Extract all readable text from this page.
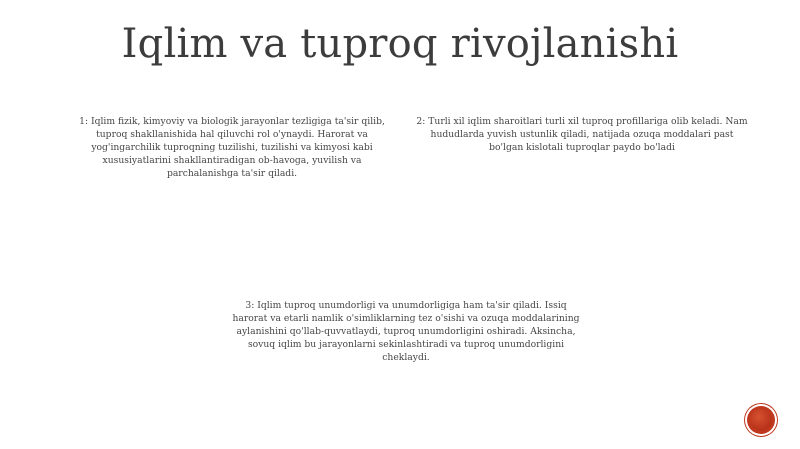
Iqlim va tuproq rivojlanishi
1: Iqlim fizik, kimyoviy va biologik jarayonlar tezligiga ta'sir qilib, tuproq shakllanishida hal qiluvchi rol o'ynaydi. Harorat va yog'ingarchilik tuproqning tuzilishi, tuzilishi va kimyosi kabi xususiyatlarini shakllantiradigan ob-havoga, yuvilish va parchalanishga ta'sir qiladi.
2: Turli xil iqlim sharoitlari turli xil tuproq profillariga olib keladi. Nam hududlarda yuvish ustunlik qiladi, natijada ozuqa moddalari past bo'lgan kislotali tuproqlar paydo bo'ladi
3: Iqlim tuproq unumdorligi va unumdorligiga ham ta'sir qiladi. Issiq harorat va etarli namlik o'simliklarning tez o'sishi va ozuqa moddalarining aylanishini qo'llab-quvvatlaydi, tuproq unumdorligini oshiradi. Aksincha, sovuq iqlim bu jarayonlarni sekinlashtiradi va tuproq unumdorligini cheklaydi.
